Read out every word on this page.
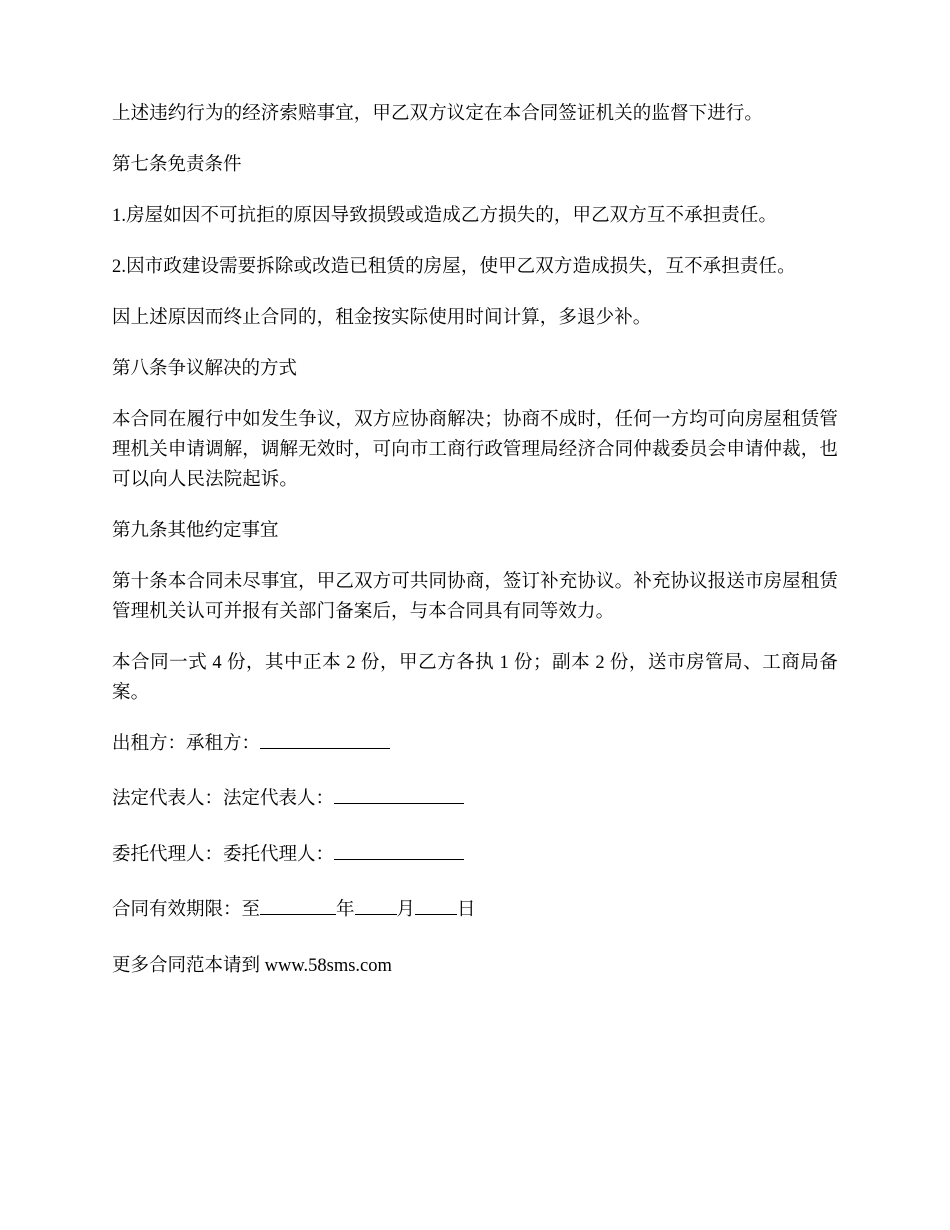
上述违约行为的经济索赔事宜，甲乙双方议定在本合同签证机关的监督下进行。

第七条免责条件

1.房屋如因不可抗拒的原因导致损毁或造成乙方损失的，甲乙双方互不承担责任。

2.因市政建设需要拆除或改造已租赁的房屋，使甲乙双方造成损失，互不承担责任。

因上述原因而终止合同的，租金按实际使用时间计算，多退少补。

第八条争议解决的方式

本合同在履行中如发生争议，双方应协商解决；协商不成时，任何一方均可向房屋租赁管理机关申请调解，调解无效时，可向市工商行政管理局经济合同仲裁委员会申请仲裁，也可以向人民法院起诉。

第九条其他约定事宜

第十条本合同未尽事宜，甲乙双方可共同协商，签订补充协议。补充协议报送市房屋租赁管理机关认可并报有关部门备案后，与本合同具有同等效力。

本合同一式 4 份，其中正本 2 份，甲乙方各执 1 份；副本 2 份，送市房管局、工商局备案。

出租方：承租方：

法定代表人：法定代表人：

委托代理人：委托代理人：

合同有效期限：至	年 月 日

更多合同范本请到 www.58sms.com
